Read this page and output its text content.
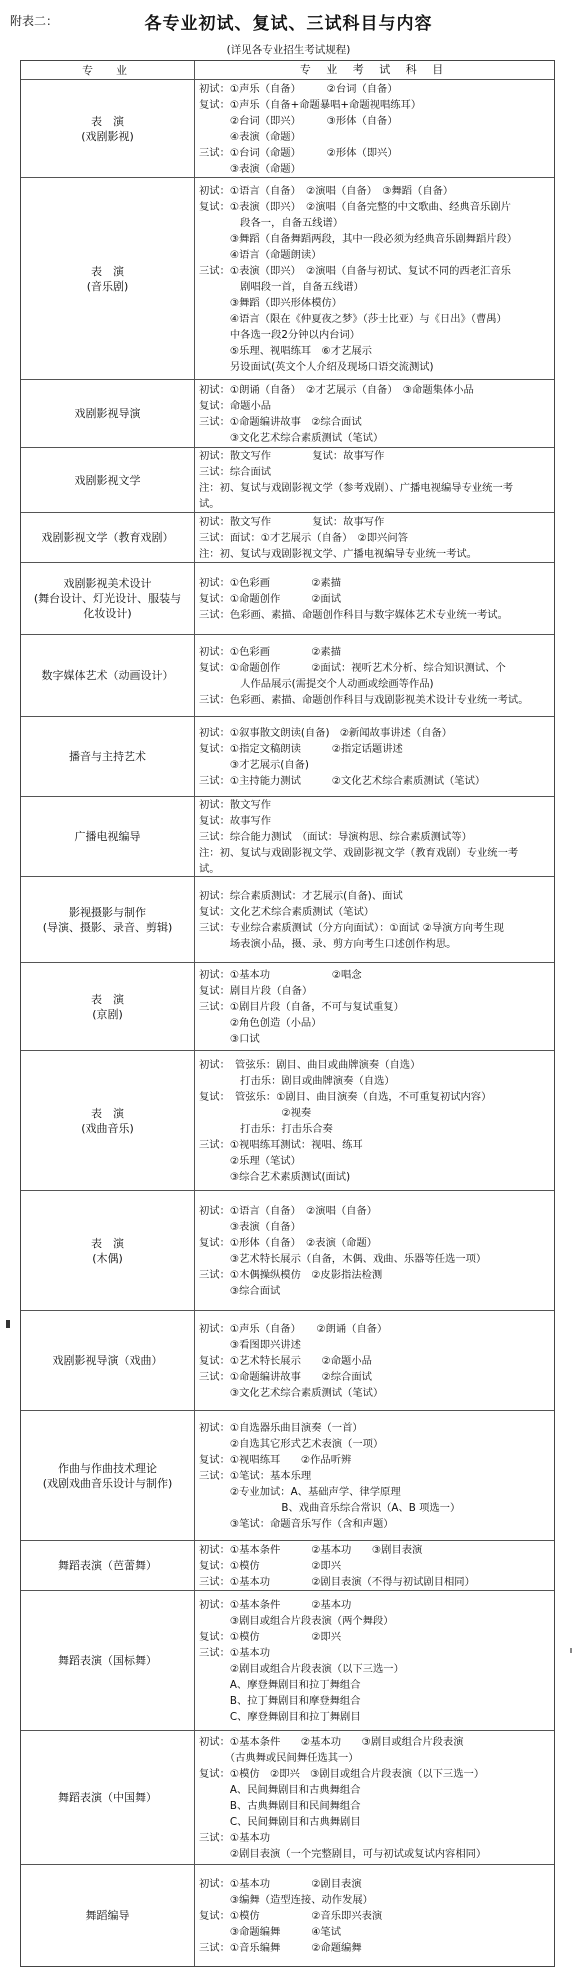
附表二：	各专业初试、复试、三试科目与内容
(详见各专业招生考试规程)
专　业	专 业 考 试 科 目
表　演
(戏剧影视)
初试：①声乐（自备）　　　②台词（自备）
复试：①声乐（自备+命题暴唱+命题视唱练耳）
　　　②台词（即兴）　　　③形体（自备）
　　　④表演（命题）
三试：①台词（命题）　　　②形体（即兴）
　　　③表演（命题）
表　演
(音乐剧)
初试：①语言（自备）　②演唱（自备）　③舞蹈（自备）
复试：①表演（即兴）　②演唱（自备完整的中文歌曲、经典音乐剧片
　　　　段各一，自备五线谱）
　　　③舞蹈（自备舞蹈两段，其中一段必须为经典音乐剧舞蹈片段）
　　　④语言（命题朗读）
三试：①表演（即兴）　②演唱（自备与初试、复试不同的西老汇音乐
　　　　剧唱段一首，自备五线谱）
　　　③舞蹈（即兴形体模仿）
　　　④语言（限在《仲夏夜之梦》（莎士比亚）与《日出》（曹禺）
　　　中各选一段2分钟以内台词）
　　　⑤乐理、视唱练耳　⑥才艺展示
　　　另设面试(英文个人介绍及现场口语交流测试)
戏剧影视导演
初试：①朗诵（自备）　②才艺展示（自备）　③命题集体小品
复试：命题小品
三试：①命题编讲故事　②综合面试
　　　③文化艺术综合素质测试（笔试）
戏剧影视文学
初试：散文写作　　　　复试：故事写作
三试：综合面试
注：初、复试与戏剧影视文学（参考戏剧）、广播电视编导专业统一考
试。
戏剧影视文学（教育戏剧）
初试：散文写作　　　　复试：故事写作
三试：面试：①才艺展示（自备）　②即兴问答
注：初、复试与戏剧影视文学、广播电视编导专业统一考试。
戏剧影视美术设计
(舞台设计、灯光设计、服装与
化妆设计)
初试：①色彩画　　　　②素描
复试：①命题创作　　　②面试
三试：色彩画、素描、命题创作科目与数字媒体艺术专业统一考试。
数字媒体艺术（动画设计）
初试：①色彩画　　　　②素描
复试：①命题创作　　　②面试：视听艺术分析、综合知识测试、个
　　　　人作品展示(需提交个人动画或绘画等作品)
三试：色彩画、素描、命题创作科目与戏剧影视美术设计专业统一考试。
播音与主持艺术
初试：①叙事散文朗读(自备)　②新闻故事讲述（自备）
复试：①指定文稿朗读　　　②指定话题讲述
　　　③才艺展示(自备)
三试：①主持能力测试　　　②文化艺术综合素质测试（笔试）
广播电视编导
初试：散文写作
复试：故事写作
三试：综合能力测试　（面试：导演构思、综合素质测试等）
注：初、复试与戏剧影视文学、戏剧影视文学（教育戏剧）专业统一考
试。
影视摄影与制作
(导演、摄影、录音、剪辑)
初试：综合素质测试：才艺展示(自备)、面试
复试：文化艺术综合素质测试（笔试）
三试：专业综合素质测试（分方向面试）：①面试 ②导演方向考生现
　　　场表演小品，摄、录、剪方向考生口述创作构思。
表　演
(京剧)
初试：①基本功　　　　　　②唱念
复试：剧目片段（自备）
三试：①剧目片段（自备，不可与复试重复）
　　　②角色创造（小品）
　　　③口试
表　演
(戏曲音乐)
初试：　管弦乐：剧目、曲目或曲牌演奏（自选）
　　　　打击乐：剧目或曲牌演奏（自选）
复试：　管弦乐：①剧目、曲目演奏（自选，不可重复初试内容）
　　　　　　　　②视奏
　　　　打击乐：打击乐合奏
三试：①视唱练耳测试：视唱、练耳
　　　②乐理（笔试）
　　　③综合艺术素质测试(面试)
表　演
(木偶)
初试：①语言（自备）　②演唱（自备）
　　　③表演（自备）
复试：①形体（自备）　②表演（命题）
　　　③艺术特长展示（自备，木偶、戏曲、乐器等任选一项）
三试：①木偶操纵模仿　②皮影指法检测
　　　③综合面试
戏剧影视导演（戏曲）
初试：①声乐（自备）　　②朗诵（自备）
　　　③看图即兴讲述
复试：①艺术特长展示　　②命题小品
三试：①命题编讲故事　　②综合面试
　　　③文化艺术综合素质测试（笔试）
作曲与作曲技术理论
(戏剧戏曲音乐设计与制作)
初试：①自选器乐曲目演奏（一首）
　　　②自选其它形式艺术表演（一项）
复试：①视唱练耳　　②作品听辨
三试：①笔试：基本乐理
　　　②专业加试：A、基础声学、律学原理
　　　　　　　　B、戏曲音乐综合常识（A、B 项选一）
　　　③笔试：命题音乐写作（含和声题）
舞蹈表演（芭蕾舞）
初试：①基本条件　　　②基本功　　③剧目表演
复试：①模仿　　　　　②即兴
三试：①基本功　　　　②剧目表演（不得与初试剧目相同）
舞蹈表演（国标舞）
初试：①基本条件　　　②基本功
　　　③剧目或组合片段表演（两个舞段）
复试：①模仿　　　　　②即兴
三试：①基本功
　　　②剧目或组合片段表演（以下三选一）
　　　A、摩登舞剧目和拉丁舞组合
　　　B、拉丁舞剧目和摩登舞组合
　　　C、摩登舞剧目和拉丁舞剧目
舞蹈表演（中国舞）
初试：①基本条件　　②基本功　　③剧目或组合片段表演
　　　（古典舞或民间舞任选其一）
复试：①模仿　②即兴　③剧目或组合片段表演（以下三选一）
　　　A、民间舞剧目和古典舞组合
　　　B、古典舞剧目和民间舞组合
　　　C、民间舞剧目和古典舞剧目
三试：①基本功
　　　②剧目表演（一个完整剧目，可与初试或复试内容相同）
舞蹈编导
初试：①基本功　　　　②剧目表演
　　　③编舞（造型连接、动作发展）
复试：①模仿　　　　　②音乐即兴表演
　　　③命题编舞　　　④笔试
三试：①音乐编舞　　　②命题编舞
